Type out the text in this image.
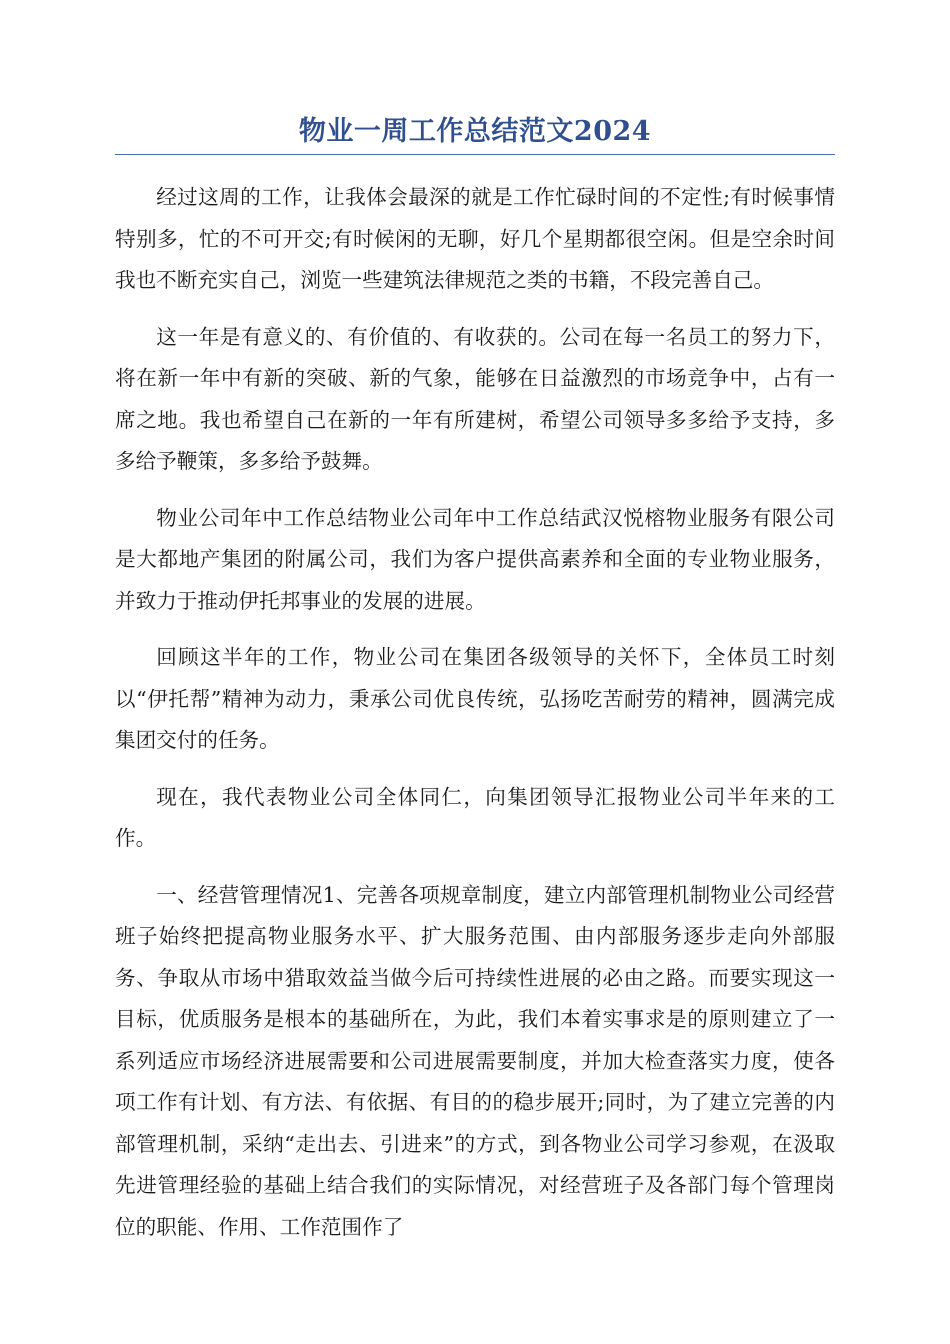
物业一周工作总结范文2024

经过这周的工作，让我体会最深的就是工作忙碌时间的不定性;有时候事情特别多，忙的不可开交;有时候闲的无聊，好几个星期都很空闲。但是空余时间我也不断充实自己，浏览一些建筑法律规范之类的书籍，不段完善自己。

这一年是有意义的、有价值的、有收获的。公司在每一名员工的努力下，将在新一年中有新的突破、新的气象，能够在日益激烈的市场竞争中，占有一席之地。我也希望自己在新的一年有所建树，希望公司领导多多给予支持，多多给予鞭策，多多给予鼓舞。

物业公司年中工作总结物业公司年中工作总结武汉悦榕物业服务有限公司是大都地产集团的附属公司，我们为客户提供高素养和全面的专业物业服务，并致力于推动伊托邦事业的发展的进展。

回顾这半年的工作，物业公司在集团各级领导的关怀下，全体员工时刻以“伊托帮”精神为动力，秉承公司优良传统，弘扬吃苦耐劳的精神，圆满完成集团交付的任务。

现在，我代表物业公司全体同仁，向集团领导汇报物业公司半年来的工作。

一、经营管理情况1、完善各项规章制度，建立内部管理机制物业公司经营班子始终把提高物业服务水平、扩大服务范围、由内部服务逐步走向外部服务、争取从市场中猎取效益当做今后可持续性进展的必由之路。而要实现这一目标，优质服务是根本的基础所在，为此，我们本着实事求是的原则建立了一系列适应市场经济进展需要和公司进展需要制度，并加大检查落实力度，使各项工作有计划、有方法、有依据、有目的的稳步展开;同时，为了建立完善的内部管理机制，采纳“走出去、引进来”的方式，到各物业公司学习参观，在汲取先进管理经验的基础上结合我们的实际情况，对经营班子及各部门每个管理岗位的职能、作用、工作范围作了
